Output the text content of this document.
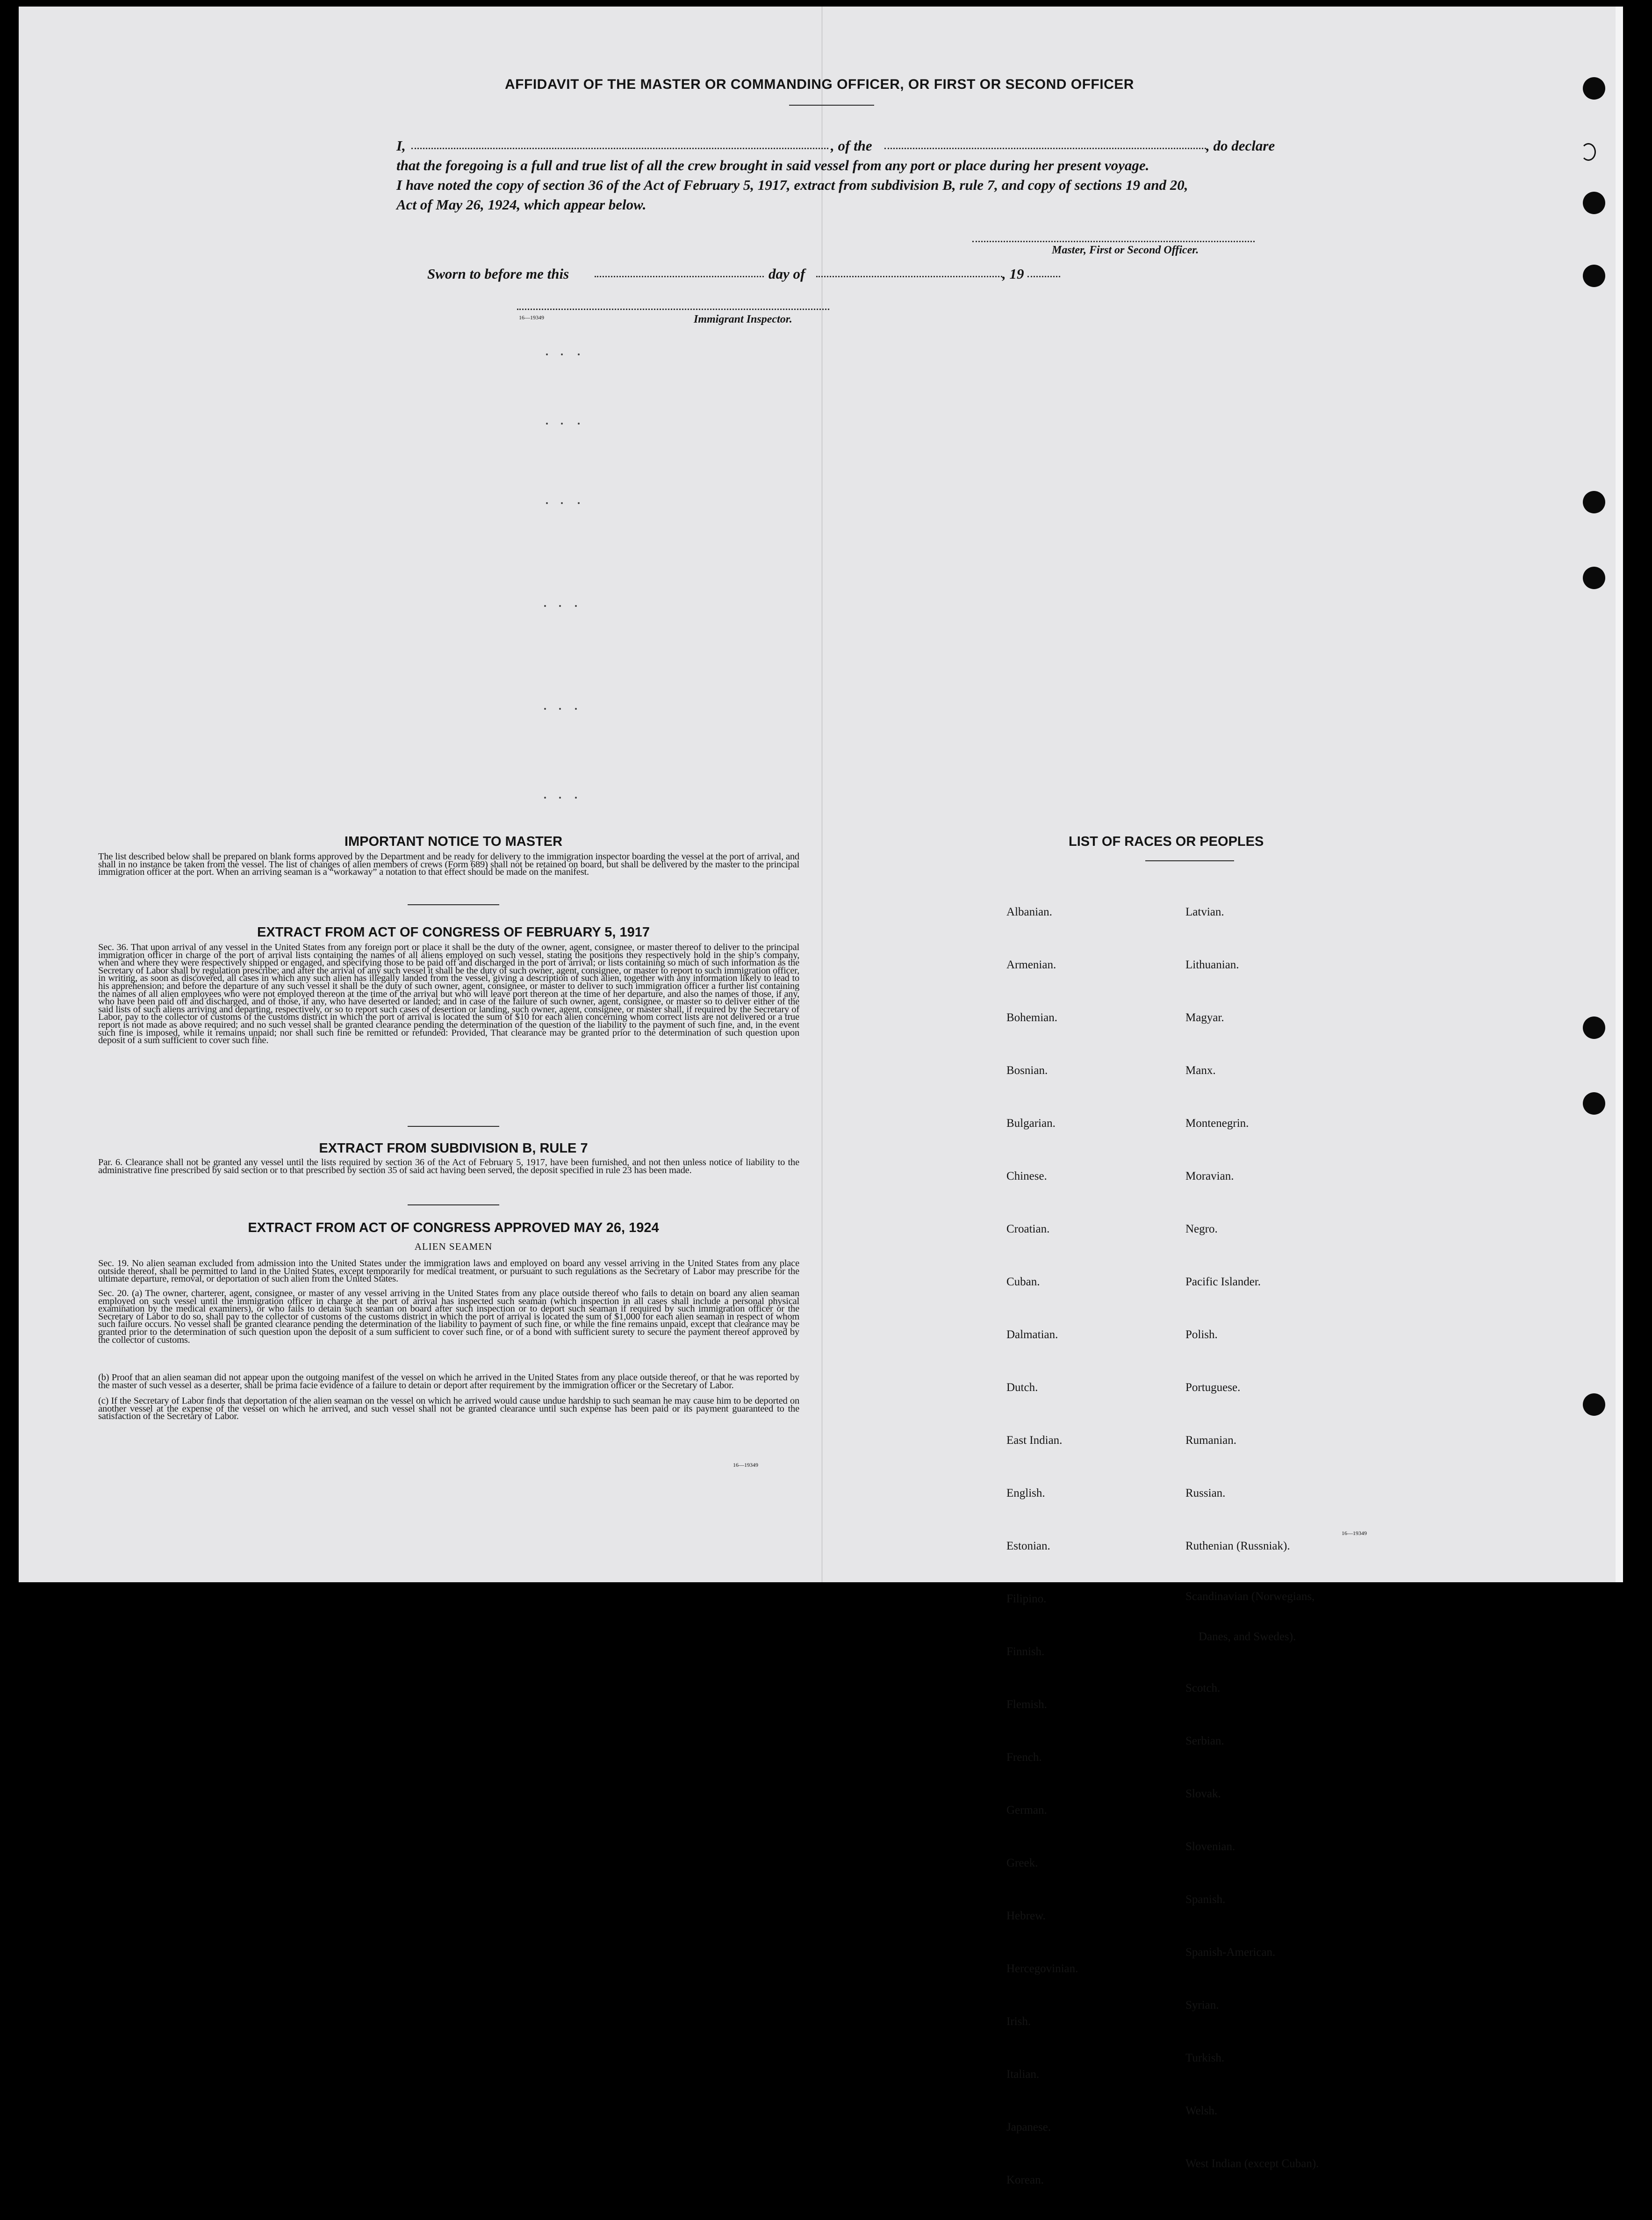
AFFIDAVIT OF THE MASTER OR COMMANDING OFFICER, OR FIRST OR SECOND OFFICER
I,	, of the	, do declare
that the foregoing is a full and true list of all the crew brought in said vessel from any port or place during her present voyage.
I have noted the copy of section 36 of the Act of February 5, 1917, extract from subdivision B, rule 7, and copy of sections 19 and 20,
Act of May 26, 1924, which appear below.
Master, First or Second Officer.
Sworn to before me this	day of	, 19
16—19349	Immigrant Inspector.
IMPORTANT NOTICE TO MASTER
The list described below shall be prepared on blank forms approved by the Department and be ready for delivery to the immigration inspector boarding the vessel at the port of arrival, and shall in no instance be taken from the vessel. The list of changes of alien members of crews (Form 689) shall not be retained on board, but shall be delivered by the master to the principal immigration officer at the port. When an arriving seaman is a “workaway” a notation to that effect should be made on the manifest.
EXTRACT FROM ACT OF CONGRESS OF FEBRUARY 5, 1917
Sec. 36. That upon arrival of any vessel in the United States from any foreign port or place it shall be the duty of the owner, agent, consignee, or master thereof to deliver to the principal immigration officer in charge of the port of arrival lists containing the names of all aliens employed on such vessel, stating the positions they respectively hold in the ship’s company, when and where they were respectively shipped or engaged, and specifying those to be paid off and discharged in the port of arrival; or lists containing so much of such information as the Secretary of Labor shall by regulation prescribe; and after the arrival of any such vessel it shall be the duty of such owner, agent, consignee, or master to report to such immigration officer, in writing, as soon as discovered, all cases in which any such alien has illegally landed from the vessel, giving a description of such alien, together with any information likely to lead to his apprehension; and before the departure of any such vessel it shall be the duty of such owner, agent, consignee, or master to deliver to such immigration officer a further list containing the names of all alien employees who were not employed thereon at the time of the arrival but who will leave port thereon at the time of her departure, and also the names of those, if any, who have been paid off and discharged, and of those, if any, who have deserted or landed; and in case of the failure of such owner, agent, consignee, or master so to deliver either of the said lists of such aliens arriving and departing, respectively, or so to report such cases of desertion or landing, such owner, agent, consignee, or master shall, if required by the Secretary of Labor, pay to the collector of customs of the customs district in which the port of arrival is located the sum of $10 for each alien concerning whom correct lists are not delivered or a true report is not made as above required; and no such vessel shall be granted clearance pending the determination of the question of the liability to the payment of such fine, and, in the event such fine is imposed, while it remains unpaid; nor shall such fine be remitted or refunded: Provided, That clearance may be granted prior to the determination of such question upon deposit of a sum sufficient to cover such fine.
EXTRACT FROM SUBDIVISION B, RULE 7
Par. 6. Clearance shall not be granted any vessel until the lists required by section 36 of the Act of February 5, 1917, have been furnished, and not then unless notice of liability to the administrative fine prescribed by said section or to that prescribed by section 35 of said act having been served, the deposit specified in rule 23 has been made.
EXTRACT FROM ACT OF CONGRESS APPROVED MAY 26, 1924
ALIEN SEAMEN
Sec. 19. No alien seaman excluded from admission into the United States under the immigration laws and employed on board any vessel arriving in the United States from any place outside thereof, shall be permitted to land in the United States, except temporarily for medical treatment, or pursuant to such regulations as the Secretary of Labor may prescribe for the ultimate departure, removal, or deportation of such alien from the United States.
Sec. 20. (a) The owner, charterer, agent, consignee, or master of any vessel arriving in the United States from any place outside thereof who fails to detain on board any alien seaman employed on such vessel until the immigration officer in charge at the port of arrival has inspected such seaman (which inspection in all cases shall include a personal physical examination by the medical examiners), or who fails to detain such seaman on board after such inspection or to deport such seaman if required by such immigration officer or the Secretary of Labor to do so, shall pay to the collector of customs of the customs district in which the port of arrival is located the sum of $1,000 for each alien seaman in respect of whom such failure occurs. No vessel shall be granted clearance pending the determination of the liability to payment of such fine, or while the fine remains unpaid, except that clearance may be granted prior to the determination of such question upon the deposit of a sum sufficient to cover such fine, or of a bond with sufficient surety to secure the payment thereof approved by the collector of customs.
(b) Proof that an alien seaman did not appear upon the outgoing manifest of the vessel on which he arrived in the United States from any place outside thereof, or that he was reported by the master of such vessel as a deserter, shall be prima facie evidence of a failure to detain or deport after requirement by the immigration officer or the Secretary of Labor.
(c) If the Secretary of Labor finds that deportation of the alien seaman on the vessel on which he arrived would cause undue hardship to such seaman he may cause him to be deported on another vessel at the expense of the vessel on which he arrived, and such vessel shall not be granted clearance until such expense has been paid or its payment guaranteed to the satisfaction of the Secretary of Labor.
16—19349
LIST OF RACES OR PEOPLES

Albanian.

Armenian.

Bohemian.

Bosnian.

Bulgarian.

Chinese.

Croatian.

Cuban.

Dalmatian.

Dutch.

East Indian.

English.

Estonian.

Filipino.

Finnish.

Flemish.

French.

German.

Greek.

Hebrew.

Hercegovinian.

Irish.

Italian.

Japanese.

Korean.

Latvian.

Lithuanian.

Magyar.

Manx.

Montenegrin.

Moravian.

Negro.

Pacific Islander.

Polish.

Portuguese.

Rumanian.

Russian.

Ruthenian (Russniak).

Scandinavian (Norwegians,

Danes, and Swedes).

Scotch.

Serbian.

Slovak.

Slovenian.

Spanish.

Spanish-American.

Syrian.

Turkish.

Welsh.

West Indian (except Cuban).

16—19349
